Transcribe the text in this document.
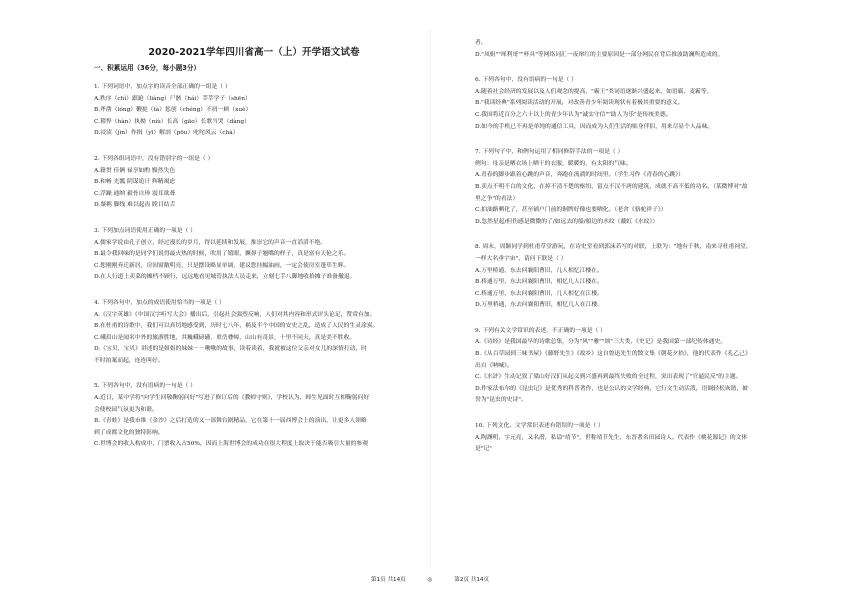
2020-2021学年四川省高一（上）开学语文试卷
一、积累运用（36分，每小题3分）
1. 下列词语中，加点字的读音全部正确的一组是（ ）
A.秩序（chì）跟跄（liàng）尸骸（hái）莘莘学子（shēn）
B.斧凿（lóng）鞭挞（tà）惩创（chéng）不屑一顾（xuè）
C.稽悍（hàn）执拗（niù）长高（gāo）长歌当哭（dàng）
D.浸渍（jìn）作揖（yī）解剖（pōu）叱咤风云（chà）
2. 下列各组词语中，没有错别字的一组是（ ）
A.籍贯 佳俩 禄享如酌 黯然失色
B.和畅 光瓢 阴谋诡计 辉精竭虑
C.浮躁 通纳 毅骨自珍 震耳欲聋
D.粲羁 脚线 难以起齿 瞠目结舌
3. 下列加点词语使用正确的一项是（ ）
A.儒家学说由孔子创立，经过漫长的岁月，得以延续和发展，推崇它的声音一直滔滔不绝。
B.最令我回味的是同学们说得最火热的时候，吹用了嬉眼、撅鼻子翘嘴的样子，真是富有天伦之乐。
C.您刚刚弃迁新居，房间窗敞明亮，只是摆设略显单调，建议您挂幅油画，一定会使房室蓬荜生辉。
D.在人行道上卖菜的摊档不顾行，远远地看见城管执法人员走来，立刻七手八脚地收拾摊子准备撤退。
4. 下列各句中，加点的成语使用恰当的一项是（ ）
A.《汉字英雄》《中国汉字听写大会》播出后，引起社会强烈反响，人们对其内容和形式评头论足，赞赏有加。
B.在杜甫的诗歌中，我们可以真切地感受到，历时七八年、祸及半个中国的安史之乱，造成了人民的生灵涂炭。
C.峨眉山是闻名中外的旅游胜地，其巍峨磅礴，重峦叠嶂，山山有奇景，十里不同天，真是美不胜收。
D.《宝贝，宝贝》讲述的是姐姐的妹妹－－啾啾的故事，读着读着，我就被这位父亲对女儿的深情打动，时
不时拍案而起，连连叫好。
5. 下列各句中，没有语病的一句是（ ）
A.近日，某中学将"向学生回敬鞠躬问好"写进了修订后的《教师守则》，学校认为，师生见面时互相鞠躬问好
会使校园气氛更为和谐。
B.《青蛙》是我市推《金沙》之后打造的又一部舞台剧精品，它在第十一届西博会上的演出，让更多人领略
到了成都文化的独特影响。
C.世博会的收入构成中，门票收入占50%，因而上海世博会的成功在很大程度上取决于能否吸引大量的参观
者。
D."凤姐""犀利哥""杯具"等网络词汇一夜窜红的主要原因是一部分网民在背后推波助澜所造成的。
6. 下列各句中，没有语病的一句是（ ）
A.随着社会经济的发展以及人们观念的提高，"霸王"类词语逐渐兴盛起来，如语霸、麦霸等。
B."我读经典"系列阅读活动的开展，对改善青少年阅读现状有着极其重要的意义。
C.我国将近百分之六十以上的青少年认为"诚实守信""助人为乐"是传统美德。
D.如今的手机已不再是单纯的通信工具，因而成为人们生活的贴身伴侣，用来尽显个人品味。
7. 下列句子中，和例句运用了相同修辞手法的一项是（ ）
例句：母亲是晒衣场上晒干的衣服，暖暖的，有太阳的气味。
A.青春的脚步跟着心跳的声音，奔跑在流淌的时间里。（学生习作《青春的心跳》）
B.卖点不明不白的文化，在掉不清不楚的枢纽，留点不汉不唐的建筑，成就不高不低的功名。（某微博对"故
里之争"的看法）
C.拍油路晒化了，甚至铺户门前的铜牌好像也要晒化。（老舍《骆驼祥子》）
D.忽然星起/但伤感是微微的了/如远去的船/船边的水纹（戴虹《水纹》）
8. 周末，周颖同学到杜甫草堂游玩，在诗史堂看到郭沫若写的对联，上联为："地有千秋，南来寻杜甫祠堂，
一样大名垂宇宙"，请问下联是（ ）
A.万里桥通，东去问襄阳曹旧，几人相忆江楼在。
B.桥通万里，东去问襄阳曹旧，相忆几人江楼在。
C.桥通万里，东去问襄阳曹旧，几人相忆在江楼。
D.万里桥通，东去问襄阳曹旧，相忆几人在江楼。
9. 下列有关文学常识的表述，不正确的一项是（ ）
A.《诗经》是我国最早的诗歌总集，分为"风""雅""颂"三大类，《史记》是我国第一部纪传体通史。
B.《从百草园到三味书屋》《藤野先生》《故乡》这自鲁迅先生的散文集《朝花夕拾》，他的代表作《孔乙己》
出自《呐喊》。
C.《水浒》生动记叙了梁山好汉们从起义到兴盛再到最终失败的全过程，突出表现了"官逼民反"的主题。
D.作家法布尔的《昆虫记》是优秀的科普著作，也是公认的文学经典，它行文生动活泼，语调轻松诙谐，被
誉为"昆虫的史诗"。
10. 下列文化、文学常识表述有错误的一项是（ ）
A.陶渊明，字元亮，又名潜，私谥"靖节"，世称靖节先生，东晋著名田园诗人。代表作《桃花源记》的文体
是"记"
第1页 共14页	◎	第2页 共14页
